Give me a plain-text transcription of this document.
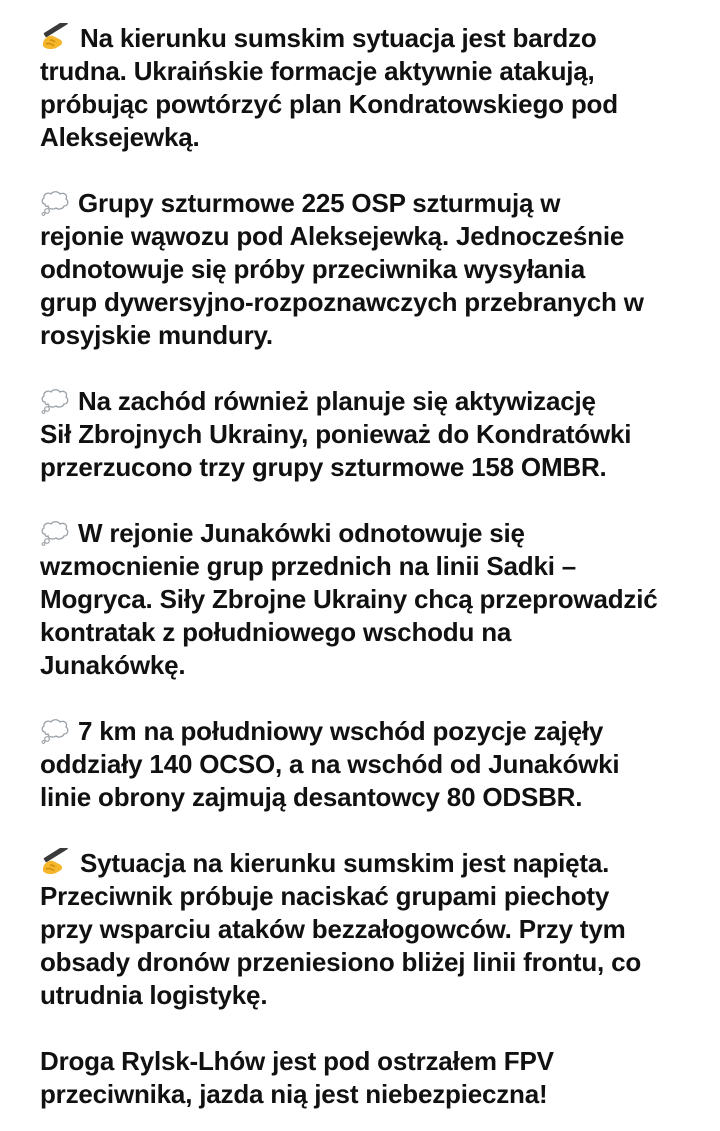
Na kierunku sumskim sytuacja jest bardzo
trudna. Ukraińskie formacje aktywnie atakują,
próbując powtórzyć plan Kondratowskiego pod
Aleksejewką.
Grupy szturmowe 225 OSP szturmują w
rejonie wąwozu pod Aleksejewką. Jednocześnie
odnotowuje się próby przeciwnika wysyłania
grup dywersyjno-rozpoznawczych przebranych w
rosyjskie mundury.
Na zachód również planuje się aktywizację
Sił Zbrojnych Ukrainy, ponieważ do Kondratówki
przerzucono trzy grupy szturmowe 158 OMBR.
W rejonie Junakówki odnotowuje się
wzmocnienie grup przednich na linii Sadki –
Mogryca. Siły Zbrojne Ukrainy chcą przeprowadzić
kontratak z południowego wschodu na
Junakówkę.
7 km na południowy wschód pozycje zajęły
oddziały 140 OCSO, a na wschód od Junakówki
linie obrony zajmują desantowcy 80 ODSBR.
Sytuacja na kierunku sumskim jest napięta.
Przeciwnik próbuje naciskać grupami piechoty
przy wsparciu ataków bezzałogowców. Przy tym
obsady dronów przeniesiono bliżej linii frontu, co
utrudnia logistykę.
Droga Rylsk-Lhów jest pod ostrzałem FPV
przeciwnika, jazda nią jest niebezpieczna!
